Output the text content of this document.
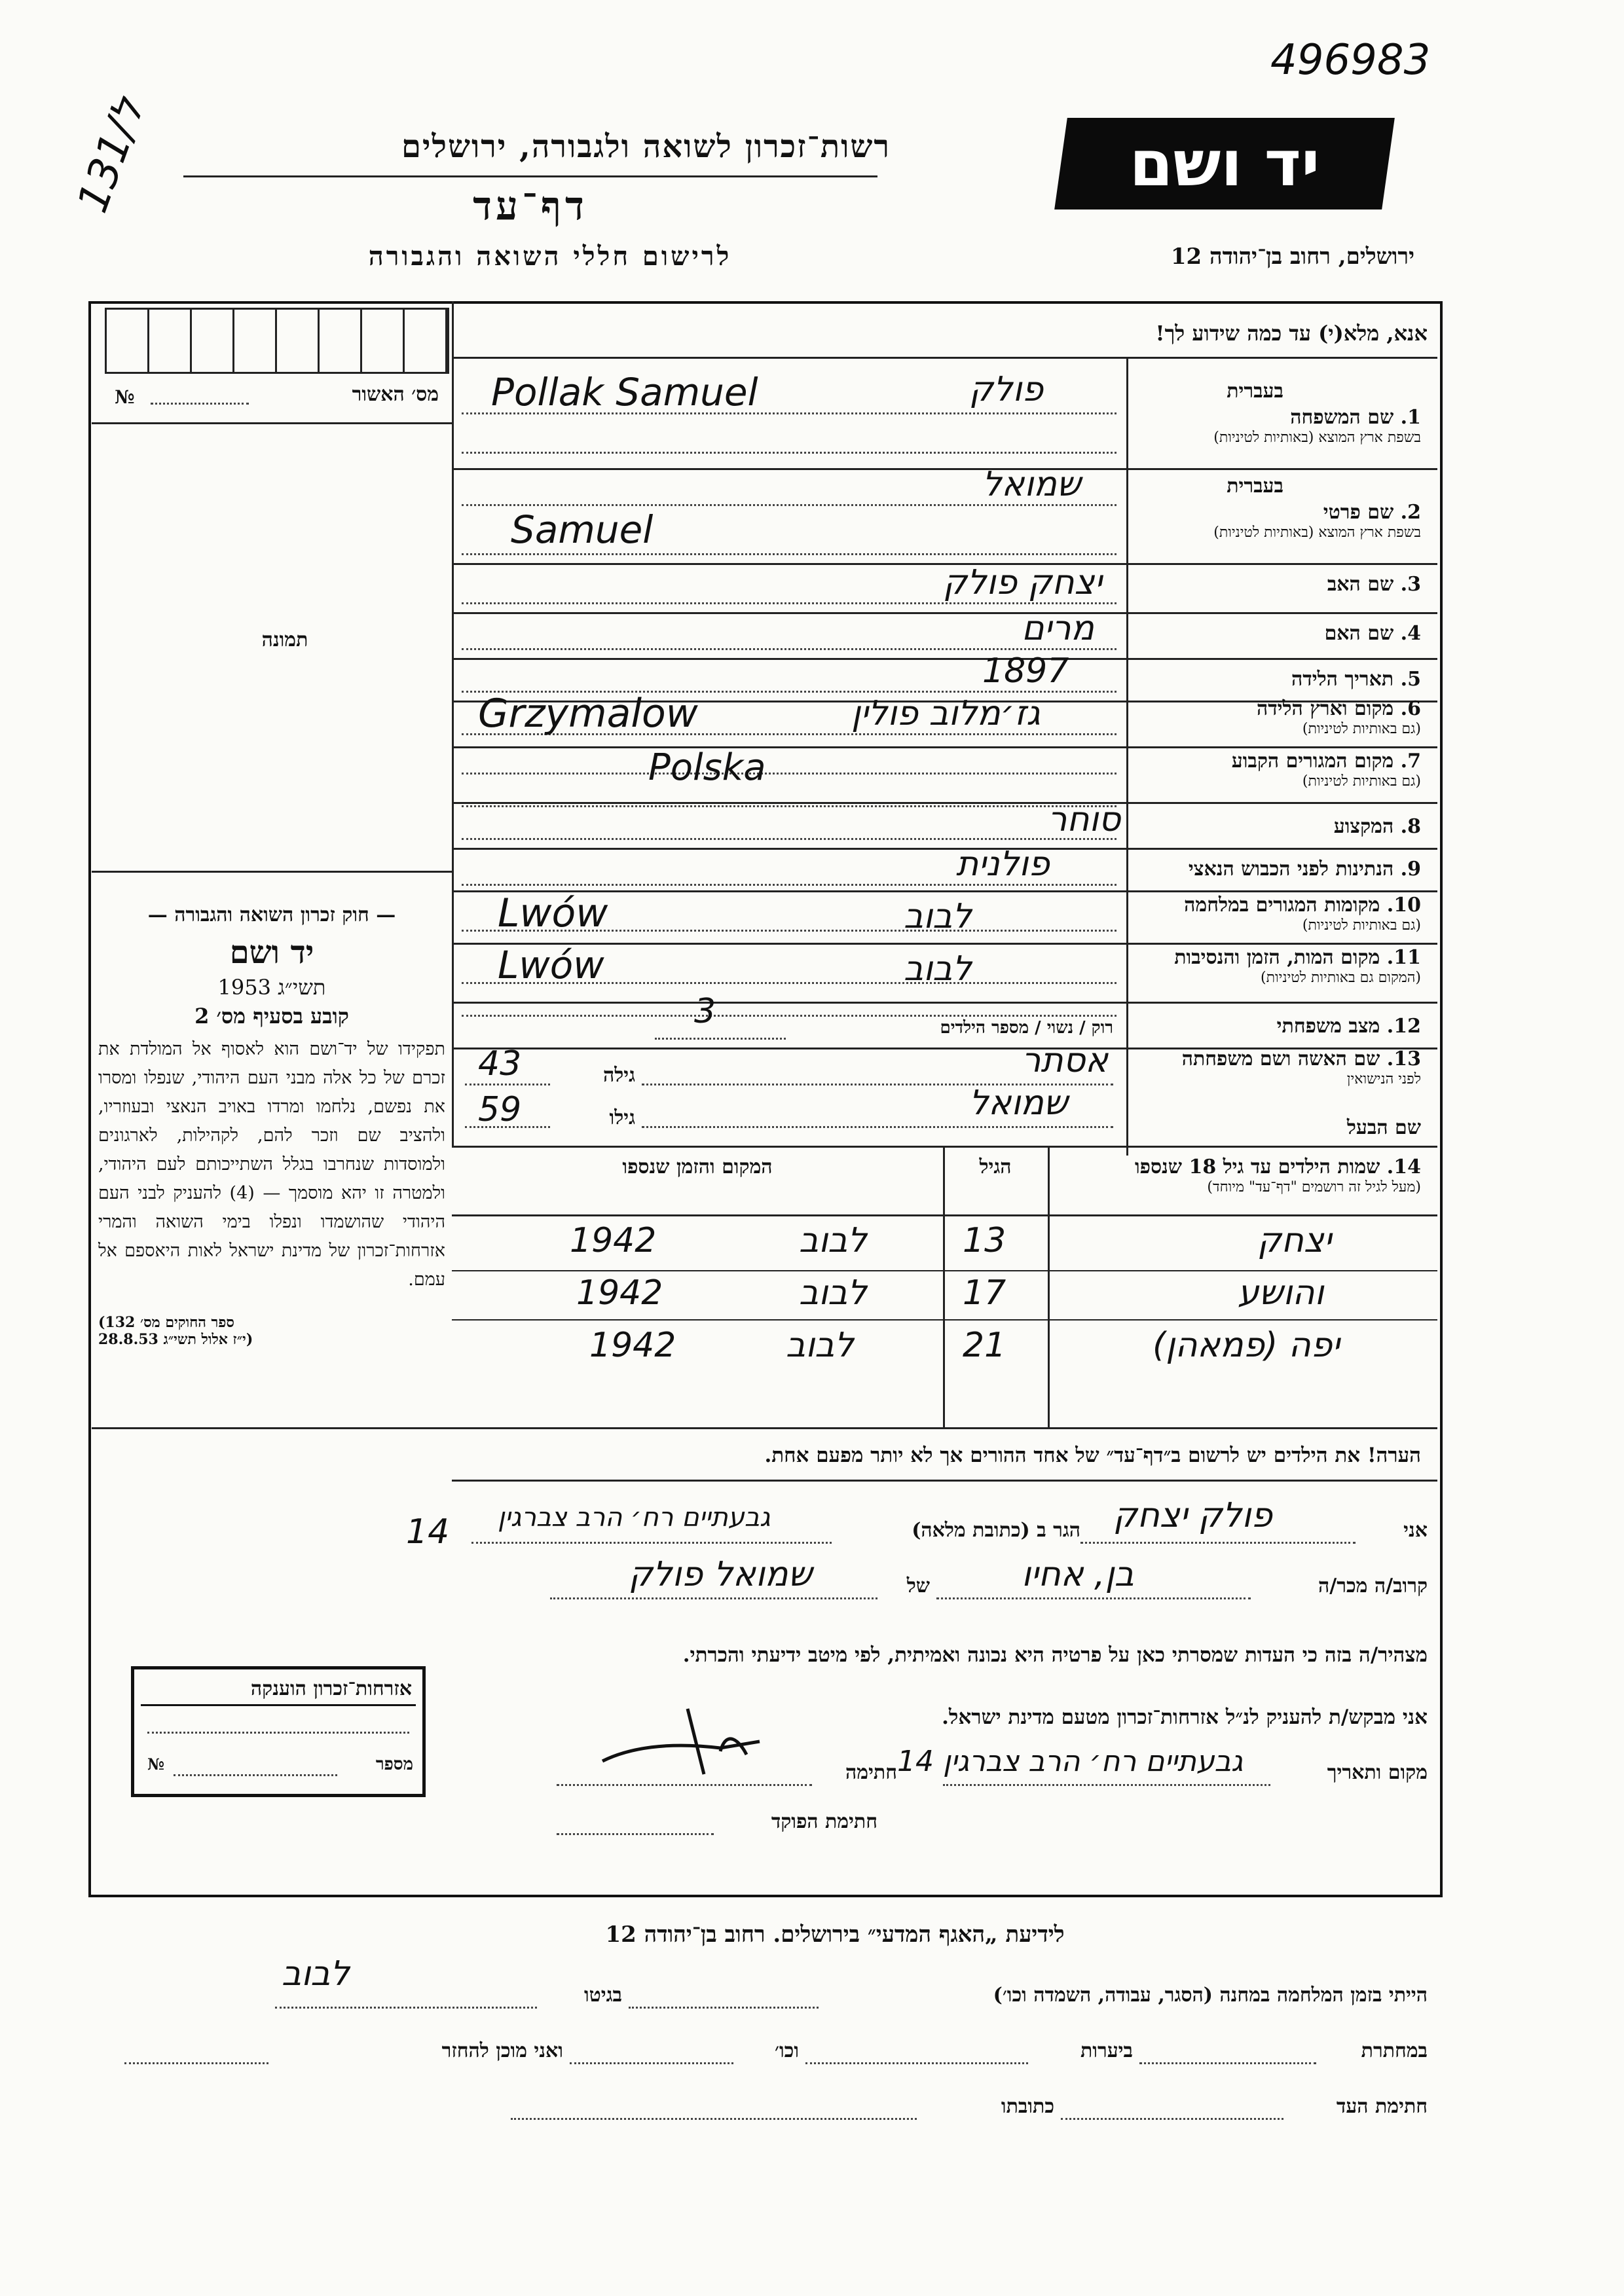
496983
131/ל
יד ושם
רשות־זכרון לשואה ולגבורה, ירושלים
דף־עד
לרישום חללי השואה והגבורה	ירושלים, רחוב בן־יהודה 12
מס׳ האשור
№
תמונה
אנא, מלא(י) עד כמה שידוע לך!
בעברית
1. שם המשפחה
בשפת ארץ המוצא (באותיות לטיניות)
פולק
Pollak Samuel
בעברית
2. שם פרטי
בשפת ארץ המוצא (באותיות לטיניות)
שמואל
Samuel
3. שם האב
יצחק פולק
4. שם האם
מרים
5. תאריך הלידה
1897
6. מקום וארץ הלידה
(גם באותיות לטיניות)
גז׳מלוב פולין
Grzymalow
7. מקום המגורים הקבוע
(גם באותיות לטיניות)
Polska
8. המקצוע
סוחר
9. הנתינות לפני הכבוש הנאצי
פולנית
10. מקומות המגורים במלחמה
(גם באותיות לטיניות)
לבוב
Lwów
11. מקום המות, הזמן והנסיבות
(המקום גם באותיות לטיניות)
לבוב
Lwów
12. מצב משפחתי
רוק / נשוי / מספר הילדים
3
13. שם האשה ושם משפחתה
לפני הנישואין
אסתר
גילה
43
שם הבעל
שמואל
גילו
59
— חוק זכרון השואה והגבורה —
יד ושם
תשי״ג 1953
קובע בסעיף מס׳ 2
תפקידו של יד־ושם הוא לאסוף אל המולדת את זכרם של כל אלה מבני העם היהודי, שנפלו ומסרו את נפשם, נלחמו ומרדו באויב הנאצי ובעוזריו, ולהציב שם וזכר להם, לקהילות, לארגונים ולמוסדות שנחרבו בגלל השתייכותם לעם היהודי, ולמטרה זו יהא מוסמך — (4) להעניק לבני העם היהודי שהושמדו ונפלו בימי השואה והמרי אזרחות־זכרון של מדינת ישראל לאות היאספם אל עמם.
(ספר החוקים מס׳ 132
י״ז אלול תשי״ג 28.8.53)
14. שמות הילדים עד גיל 18 שנספו
(מעל לגיל זה רושמים "דף־עד" מיוחד)
הגיל
המקום והזמן שנספו
יצחק
13
לבוב
1942
והושע
17
לבוב
1942
יפה (פמאהן)
21
לבוב
1942
הערה! את הילדים יש לרשום ב״דף־עד״ של אחד ההורים אך לא יותר מפעם אחת.
אני
פולק יצחק
הגר ב (כתובת מלאה)
גבעתיים רח׳ הרב צברגין
14
קרוב/ה מכר/ה
בן, אחיו
של
שמואל פולק
מצהיר/ה בזה כי העדות שמסרתי כאן על פרטיה היא נכונה ואמיתית, לפי מיטב ידיעתי והכרתי.
אני מבקש/ת להעניק לנ״ל אזרחות־זכרון מטעם מדינת ישראל.
מקום ותאריך
גבעתיים רח׳ הרב צברגין 14
חתימה
חתימת הפוקד
אזרחות־זכרון הוענקה
מספר
№
לידיעת „האגף המדעי״ בירושלים. רחוב בן־יהודה 12
הייתי בזמן המלחמה במחנה (הסגר, עבודה, השמדה וכו׳)
בגיטו
לבוב
במחתרת
ביערות
וכו׳
ואני מוכן להחזר
חתימת העד
כתובתו
